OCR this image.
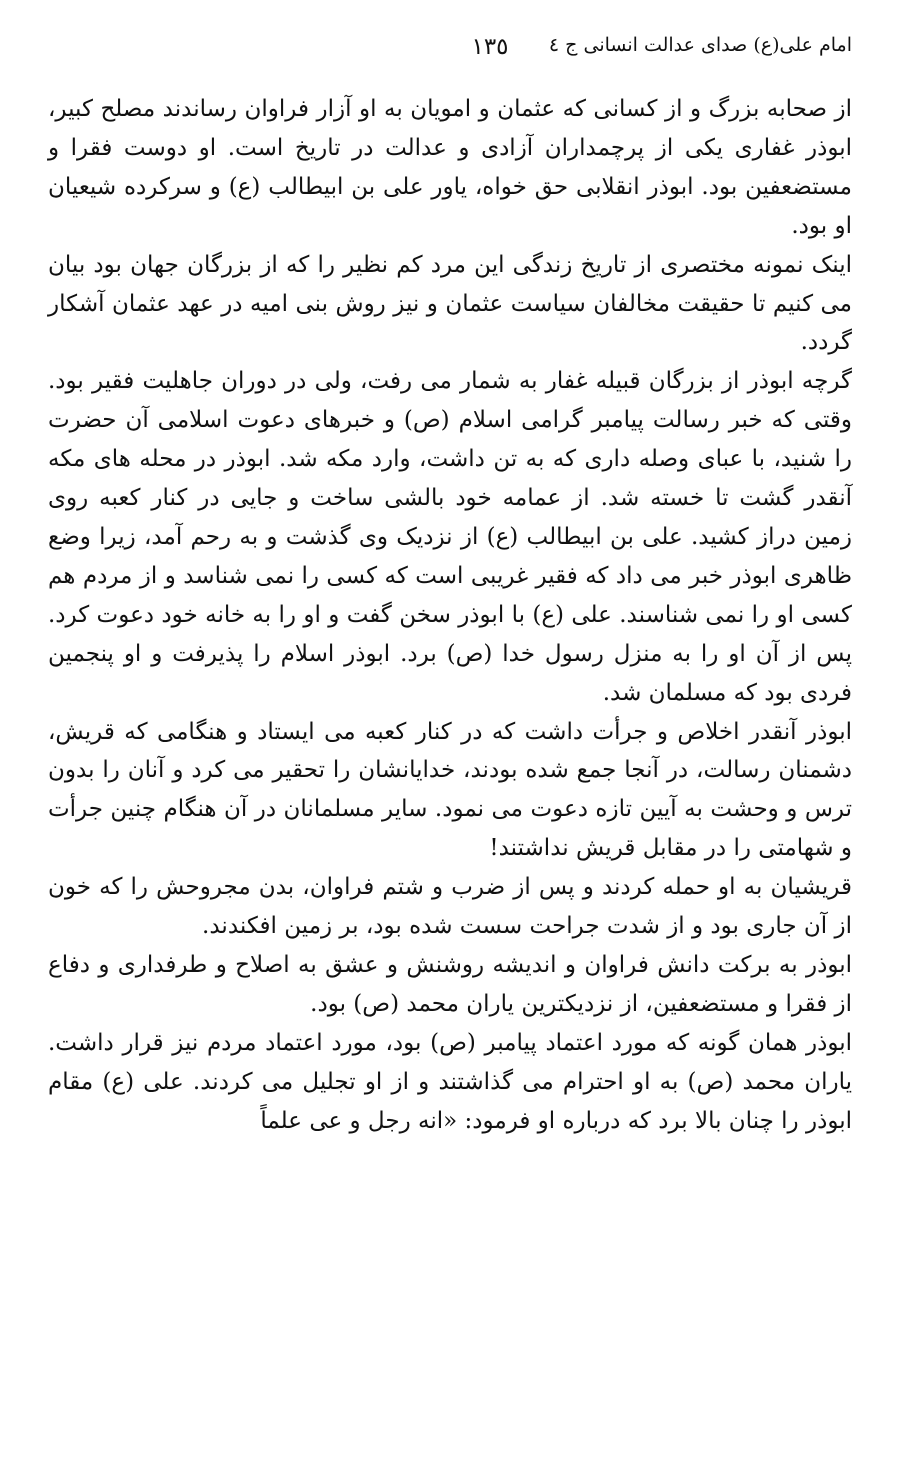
امام علی(ع) صدای عدالت انسانی ج ٤
١٣٥

از صحابه بزرگ و از کسانی که عثمان و امویان به او آزار فراوان رساندند مصلح کبیر، ابوذر غفاری یکی از پرچمداران آزادی و عدالت در تاریخ است. او دوست فقرا و مستضعفین بود. ابوذر انقلابی حق خواه، یاور علی بن ابیطالب (ع) و سرکرده شیعیان او بود.

اینک نمونه مختصری از تاریخ زندگی این مرد کم نظیر را که از بزرگان جهان بود بیان می کنیم تا حقیقت مخالفان سیاست عثمان و نیز روش بنی امیه در عهد عثمان آشکار گردد.

گرچه ابوذر از بزرگان قبیله غفار به شمار می رفت، ولی در دوران جاهلیت فقیر بود. وقتی که خبر رسالت پیامبر گرامی اسلام (ص) و خبرهای دعوت اسلامی آن حضرت را شنید، با عبای وصله داری که به تن داشت، وارد مکه شد. ابوذر در محله های مکه آنقدر گشت تا خسته شد. از عمامه خود بالشی ساخت و جایی در کنار کعبه روی زمین دراز کشید. علی بن ابیطالب (ع) از نزدیک وی گذشت و به رحم آمد، زیرا وضع ظاهری ابوذر خبر می داد که فقیر غریبی است که کسی را نمی شناسد و از مردم هم کسی او را نمی شناسند. علی (ع) با ابوذر سخن گفت و او را به خانه خود دعوت کرد. پس از آن او را به منزل رسول خدا (ص) برد. ابوذر اسلام را پذیرفت و او پنجمین فردی بود که مسلمان شد.

ابوذر آنقدر اخلاص و جرأت داشت که در کنار کعبه می ایستاد و هنگامی که قریش، دشمنان رسالت، در آنجا جمع شده بودند، خدایانشان را تحقیر می کرد و آنان را بدون ترس و وحشت به آیین تازه دعوت می نمود. سایر مسلمانان در آن هنگام چنین جرأت و شهامتی را در مقابل قریش نداشتند!

قریشیان به او حمله کردند و پس از ضرب و شتم فراوان، بدن مجروحش را که خون از آن جاری بود و از شدت جراحت سست شده بود، بر زمین افکندند.

ابوذر به برکت دانش فراوان و اندیشه روشنش و عشق به اصلاح و طرفداری و دفاع از فقرا و مستضعفین، از نزدیکترین یاران محمد (ص) بود.

ابوذر همان گونه که مورد اعتماد پیامبر (ص) بود، مورد اعتماد مردم نیز قرار داشت. یاران محمد (ص) به او احترام می گذاشتند و از او تجلیل می کردند. علی (ع) مقام ابوذر را چنان بالا برد که درباره او فرمود: «انه رجل و عی علماً
